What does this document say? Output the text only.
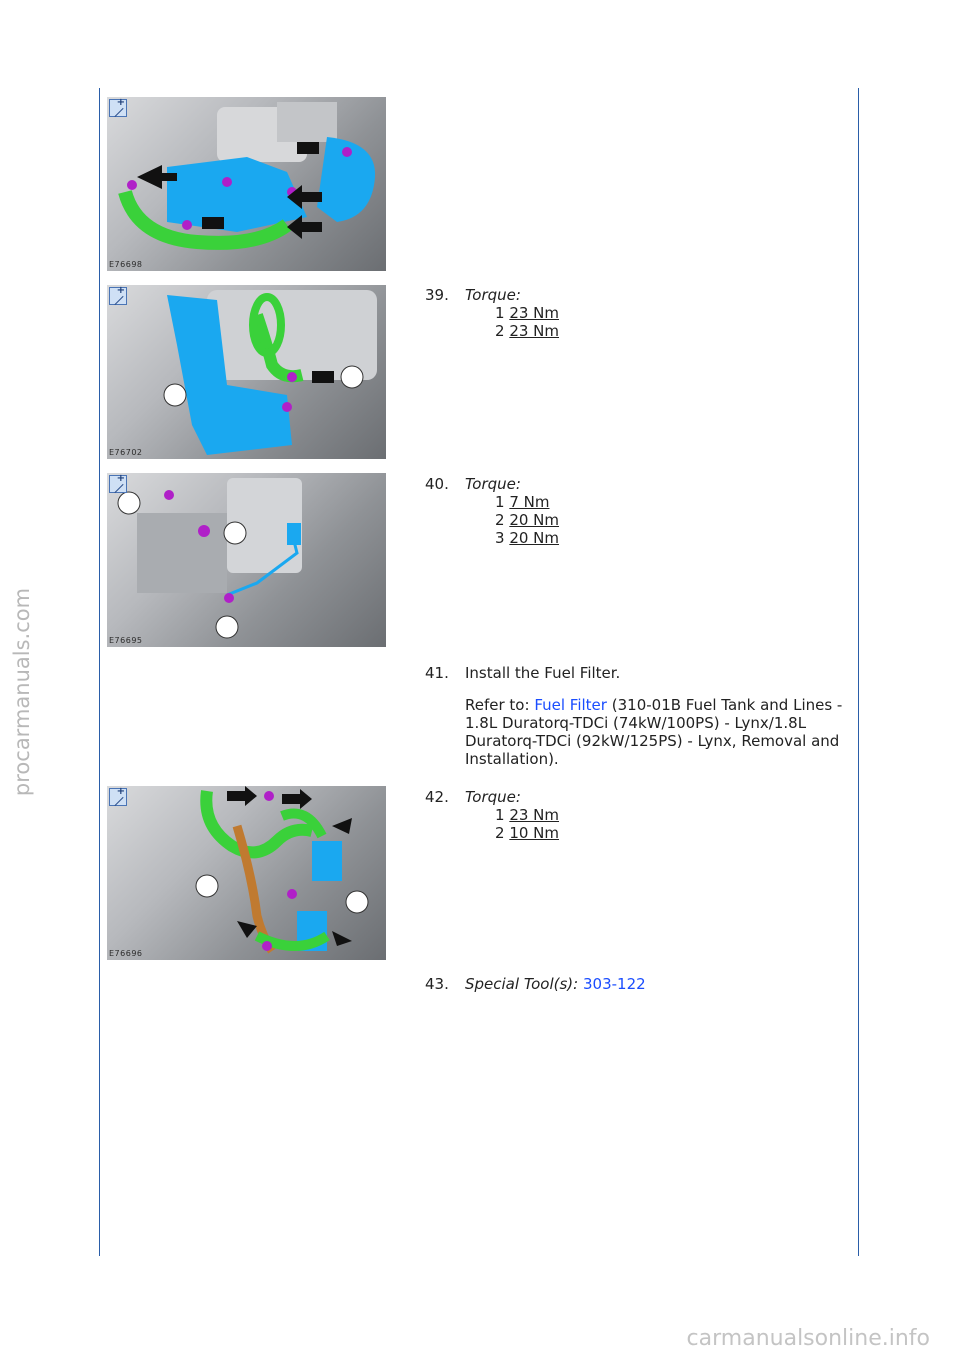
procarmanuals.com
carmanualsonline.info
+
E76698
+
E76702
+
E76695
+
E76696
39.	Torque:
1 23 Nm
2 23 Nm
40.	Torque:
1 7 Nm
2 20 Nm
3 20 Nm
41.	Install the Fuel Filter.
Refer to: Fuel Filter (310-01B Fuel Tank and Lines - 1.8L Duratorq-TDCi (74kW/100PS) - Lynx/1.8L Duratorq-TDCi (92kW/125PS) - Lynx, Removal and Installation).
42.	Torque:
1 23 Nm
2 10 Nm
43.	Special Tool(s): 303-122
